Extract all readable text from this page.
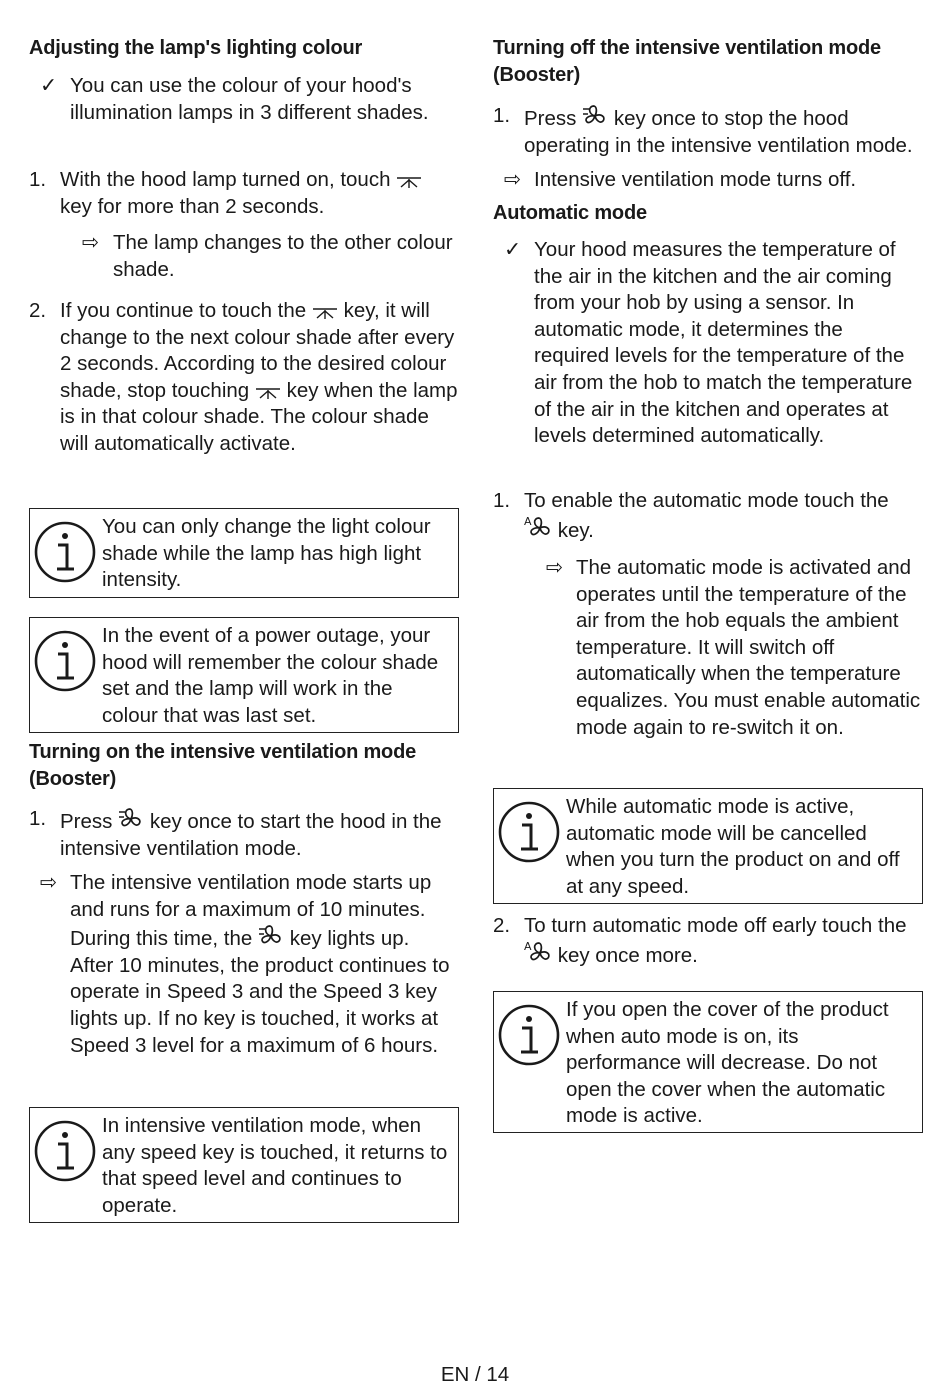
Adjusting the lamp's lighting colour

✓ You can use the colour of your hood's illumination lamps in 3 different shades.

1. With the hood lamp turned on, touch  key for more than 2 seconds.

⇨ The lamp changes to the other colour shade.

2. If you continue to touch the key, it will change to the next colour shade after every 2 seconds. According to the desired colour shade, stop touching key when the lamp is in that colour shade. The colour shade will automatically activate.

You can only change the light colour shade while the lamp has high light intensity.

In the event of a power outage, your hood will remember the colour shade set and the lamp will work in the colour that was last set.

Turning on the intensive ventilation mode (Booster)

1. Press key once to start the hood in the intensive ventilation mode.

⇨ The intensive ventilation mode starts up and runs for a maximum of 10 minutes. During this time, the key lights up. After 10 minutes, the product continues to operate in Speed 3 and the Speed 3 key lights up. If no key is touched, it works at Speed 3 level for a maximum of 6 hours.

In intensive ventilation mode, when any speed key is touched, it returns to that speed level and continues to operate.

Turning off the intensive ventilation mode (Booster)

1. Press key once to stop the hood operating in the intensive ventilation mode.

⇨ Intensive ventilation mode turns off.

Automatic mode

✓ Your hood measures the temperature of the air in the kitchen and the air coming from your hob by using a sensor. In automatic mode, it determines the required levels for the temperature of the air from the hob to match the temperature of the air in the kitchen and operates at levels determined automatically.

1. To enable the automatic mode touch the
A key.

⇨ The automatic mode is activated and operates until the temperature of the air from the hob equals the ambient temperature. It will switch off automatically when the temperature equalizes. You must enable automatic mode again to re-switch it on.

While automatic mode is active, automatic mode will be cancelled when you turn the product on and off at any speed.

2. To turn automatic mode off early touch the
A key once more.

If you open the cover of the product when auto mode is on, its performance will decrease. Do not open the cover when the automatic mode is active.

EN / 14
